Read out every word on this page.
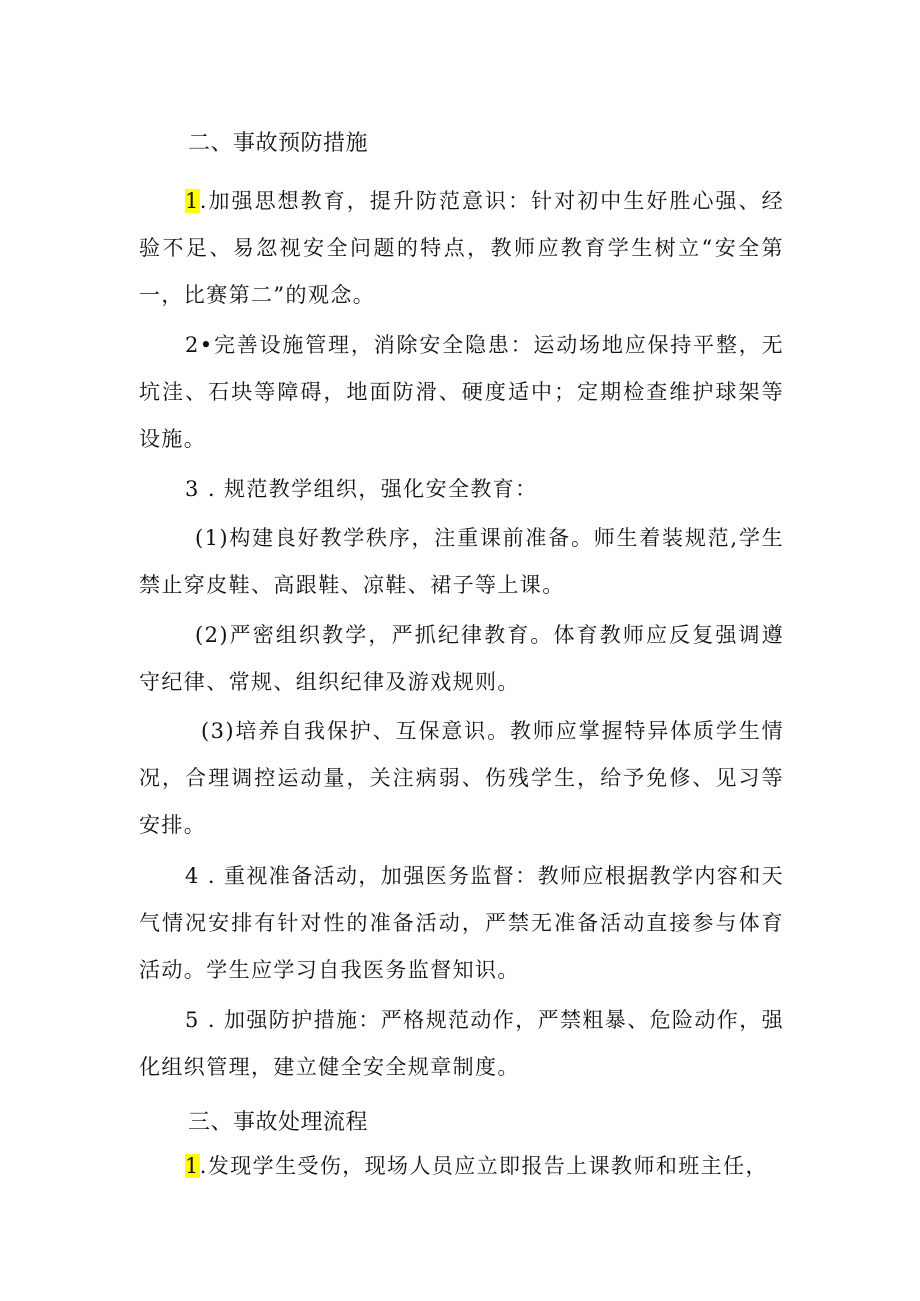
二、事故预防措施
1.加强思想教育，提升防范意识：针对初中生好胜心强、经验不足、易忽视安全问题的特点，教师应教育学生树立“安全第一，比赛第二”的观念。
2•完善设施管理，消除安全隐患：运动场地应保持平整，无坑洼、石块等障碍，地面防滑、硬度适中；定期检查维护球架等设施。
3 . 规范教学组织，强化安全教育：
(1)构建良好教学秩序，注重课前准备。师生着装规范,学生禁止穿皮鞋、高跟鞋、凉鞋、裙子等上课。
(2)严密组织教学，严抓纪律教育。体育教师应反复强调遵守纪律、常规、组织纪律及游戏规则。
(3)培养自我保护、互保意识。教师应掌握特异体质学生情况，合理调控运动量，关注病弱、伤残学生，给予免修、见习等安排。
4 . 重视准备活动，加强医务监督：教师应根据教学内容和天气情况安排有针对性的准备活动，严禁无准备活动直接参与体育活动。学生应学习自我医务监督知识。
5 . 加强防护措施：严格规范动作，严禁粗暴、危险动作，强化组织管理，建立健全安全规章制度。
三、事故处理流程
1.发现学生受伤，现场人员应立即报告上课教师和班主任，
